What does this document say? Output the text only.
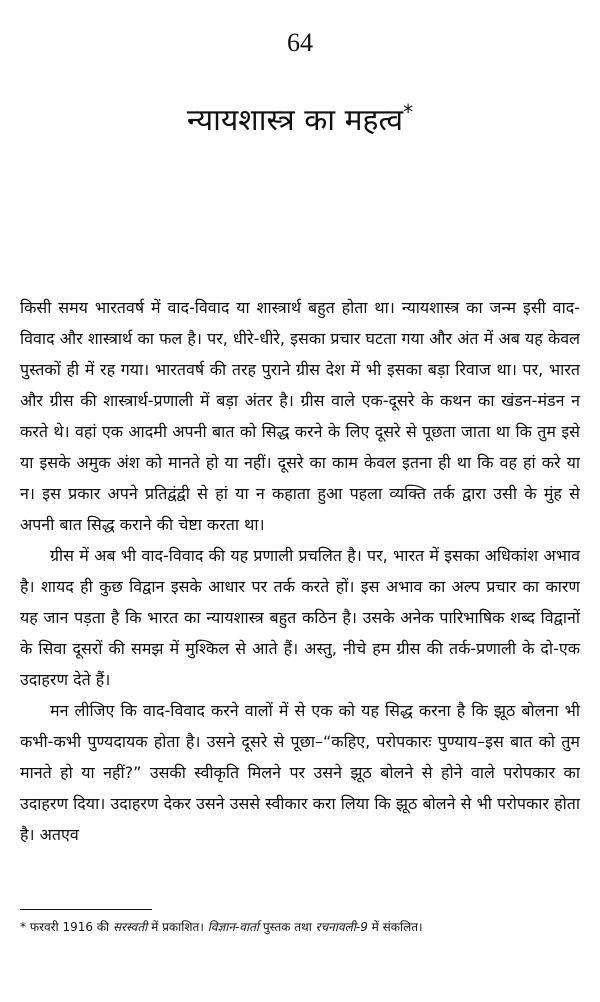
64
न्यायशास्त्र का महत्व*

किसी समय भारतवर्ष में वाद-विवाद या शास्त्रार्थ बहुत होता था। न्यायशास्त्र का जन्म इसी वाद-विवाद और शास्त्रार्थ का फल है। पर, धीरे-धीरे, इसका प्रचार घटता गया और अंत में अब यह केवल पुस्तकों ही में रह गया। भारतवर्ष की तरह पुराने ग्रीस देश में भी इसका बड़ा रिवाज था। पर, भारत और ग्रीस की शास्त्रार्थ-प्रणाली में बड़ा अंतर है। ग्रीस वाले एक-दूसरे के कथन का खंडन-मंडन न करते थे। वहां एक आदमी अपनी बात को सिद्ध करने के लिए दूसरे से पूछता जाता था कि तुम इसे या इसके अमुक अंश को मानते हो या नहीं। दूसरे का काम केवल इतना ही था कि वह हां करे या न। इस प्रकार अपने प्रतिद्वंद्वी से हां या न कहाता हुआ पहला व्यक्ति तर्क द्वारा उसी के मुंह से अपनी बात सिद्ध कराने की चेष्टा करता था।

ग्रीस में अब भी वाद-विवाद की यह प्रणाली प्रचलित है। पर, भारत में इसका अधिकांश अभाव है। शायद ही कुछ विद्वान इसके आधार पर तर्क करते हों। इस अभाव का अल्प प्रचार का कारण यह जान पड़ता है कि भारत का न्यायशास्त्र बहुत कठिन है। उसके अनेक पारिभाषिक शब्द विद्वानों के सिवा दूसरों की समझ में मुश्किल से आते हैं। अस्तु, नीचे हम ग्रीस की तर्क-प्रणाली के दो-एक उदाहरण देते हैं।

मन लीजिए कि वाद-विवाद करने वालों में से एक को यह सिद्ध करना है कि झूठ बोलना भी कभी-कभी पुण्यदायक होता है। उसने दूसरे से पूछा–“कहिए, परोपकारः पुण्याय–इस बात को तुम मानते हो या नहीं?” उसकी स्वीकृति मिलने पर उसने झूठ बोलने से होने वाले परोपकार का उदाहरण दिया। उदाहरण देकर उसने उससे स्वीकार करा लिया कि झूठ बोलने से भी परोपकार होता है। अतएव

* फरवरी 1916 की सरस्वती में प्रकाशित। विज्ञान-वार्ता पुस्तक तथा रचनावली-9 में संकलित।
